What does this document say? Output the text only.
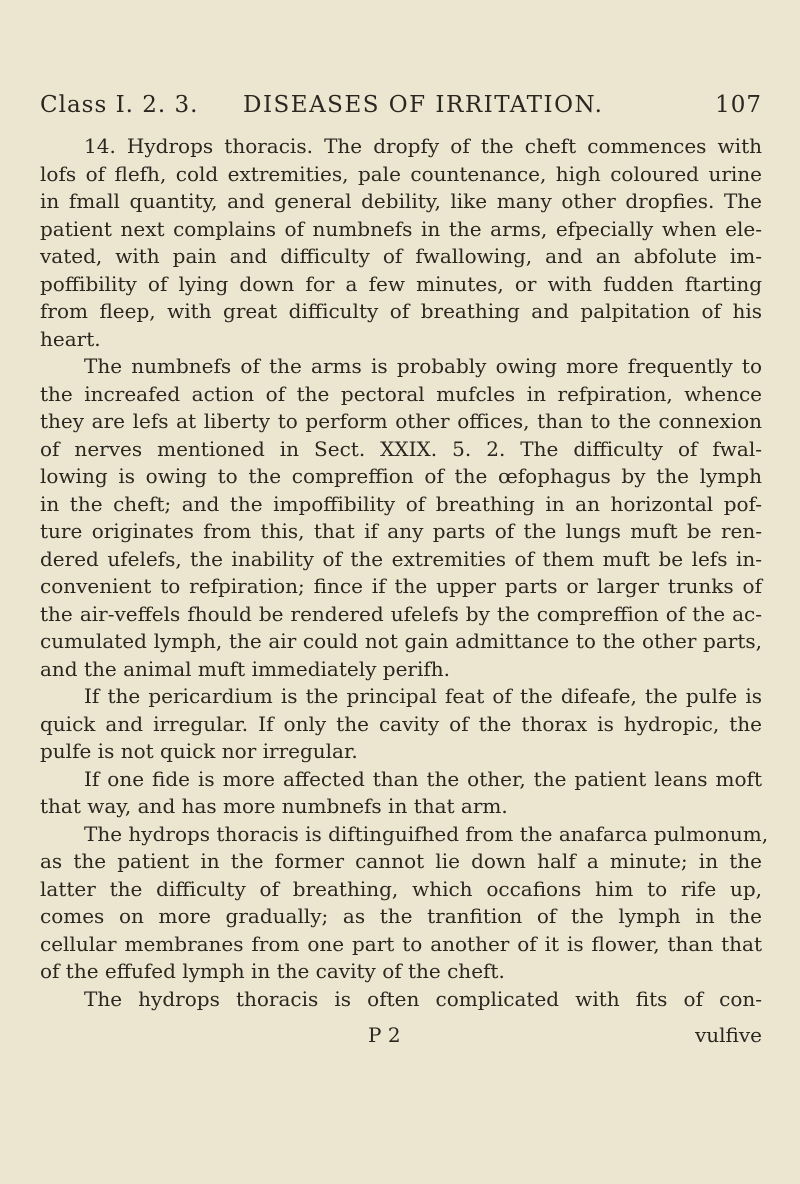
Class I. 2. 3. DISEASES OF IRRITATION.	107
14. Hydrops thoracis. The dropfy of the cheft commences with
lofs of flefh, cold extremities, pale countenance, high coloured urine
in fmall quantity, and general debility, like many other dropfies. The
patient next complains of numbnefs in the arms, efpecially when ele-
vated, with pain and difficulty of fwallowing, and an abfolute im-
poffibility of lying down for a few minutes, or with fudden ftarting
from fleep, with great difficulty of breathing and palpitation of his
heart.
The numbnefs of the arms is probably owing more frequently to
the increafed action of the pectoral mufcles in refpiration, whence
they are lefs at liberty to perform other offices, than to the connexion
of nerves mentioned in Sect. XXIX. 5. 2. The difficulty of fwal-
lowing is owing to the compreffion of the œfophagus by the lymph
in the cheft; and the impoffibility of breathing in an horizontal pof-
ture originates from this, that if any parts of the lungs muft be ren-
dered ufelefs, the inability of the extremities of them muft be lefs in-
convenient to refpiration; fince if the upper parts or larger trunks of
the air-veffels fhould be rendered ufelefs by the compreffion of the ac-
cumulated lymph, the air could not gain admittance to the other parts,
and the animal muft immediately perifh.
If the pericardium is the principal feat of the difeafe, the pulfe is
quick and irregular. If only the cavity of the thorax is hydropic, the
pulfe is not quick nor irregular.
If one fide is more affected than the other, the patient leans moft
that way, and has more numbnefs in that arm.
The hydrops thoracis is diftinguifhed from the anafarca pulmonum,
as the patient in the former cannot lie down half a minute; in the
latter the difficulty of breathing, which occafions him to rife up,
comes on more gradually; as the tranfition of the lymph in the
cellular membranes from one part to another of it is flower, than that
of the effufed lymph in the cavity of the cheft.
The hydrops thoracis is often complicated with fits of con-
P 2	vulfive
